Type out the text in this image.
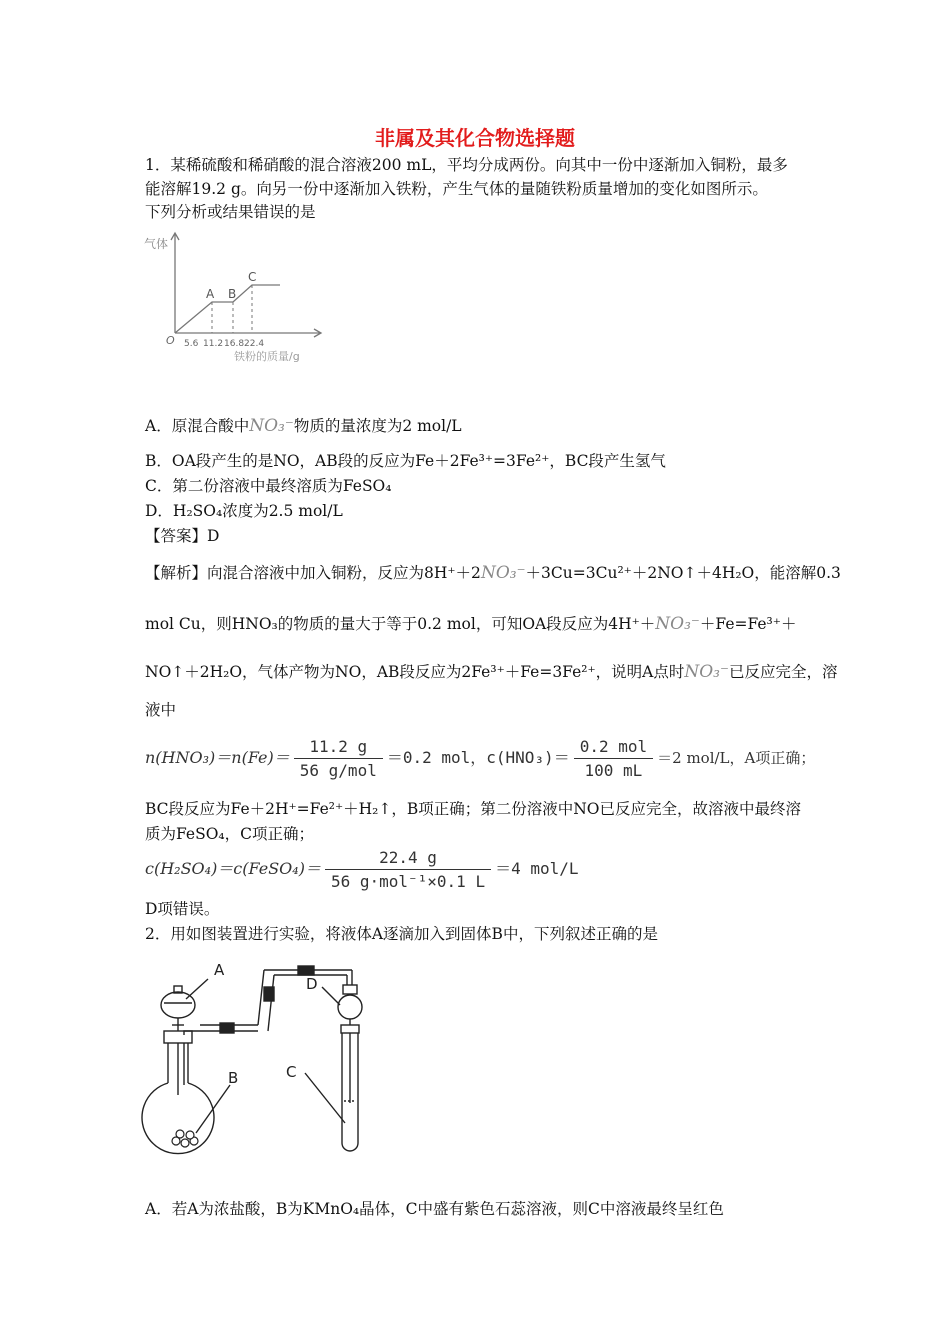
非属及其化合物选择题
1．某稀硫酸和稀硝酸的混合溶液200 mL，平均分成两份。向其中一份中逐渐加入铜粉，最多
能溶解19.2 g。向另一份中逐渐加入铁粉，产生气体的量随铁粉质量增加的变化如图所示。
下列分析或结果错误的是
气体
A B
C
O 5.6 11.2 16.8 22.4
铁粉的质量/g
A．原混合酸中NO₃⁻物质的量浓度为2 mol/L
B．OA段产生的是NO，AB段的反应为Fe＋2Fe³⁺=3Fe²⁺，BC段产生氢气
C．第二份溶液中最终溶质为FeSO₄
D．H₂SO₄浓度为2.5 mol/L
【答案】D
【解析】向混合溶液中加入铜粉，反应为8H⁺＋2NO₃⁻＋3Cu=3Cu²⁺＋2NO↑＋4H₂O，能溶解0.3
mol Cu，则HNO₃的物质的量大于等于0.2 mol，可知OA段反应为4H⁺＋NO₃⁻＋Fe=Fe³⁺＋
NO↑＋2H₂O，气体产物为NO，AB段反应为2Fe³⁺＋Fe=3Fe²⁺，说明A点时NO₃⁻已反应完全，溶
液中
$n(HNO_3)=n(Fe)= \frac{11.2 g}{\text{56 g/mol}} =0.2$ mol，$c(HNO_3)= \frac{\text{0.2 mol}}{100 mL} =2$ mol/L，A项正确；
BC段反应为Fe＋2H⁺=Fe²⁺＋H₂↑，B项正确；第二份溶液中NO已反应完全，故溶液中最终溶
质为FeSO₄，C项正确；
c(H₂SO₄)＝c(FeSO₄)＝ $\frac{22.4 g}{\text{56 g·mol⁻¹×0.1 L}} =4$ mol/L
D项错误。
2．用如图装置进行实验，将液体A逐滴加入到固体B中，下列叙述正确的是
A
B	C
D
A．若A为浓盐酸，B为KMnO₄晶体，C中盛有紫色石蕊溶液，则C中溶液最终呈红色
